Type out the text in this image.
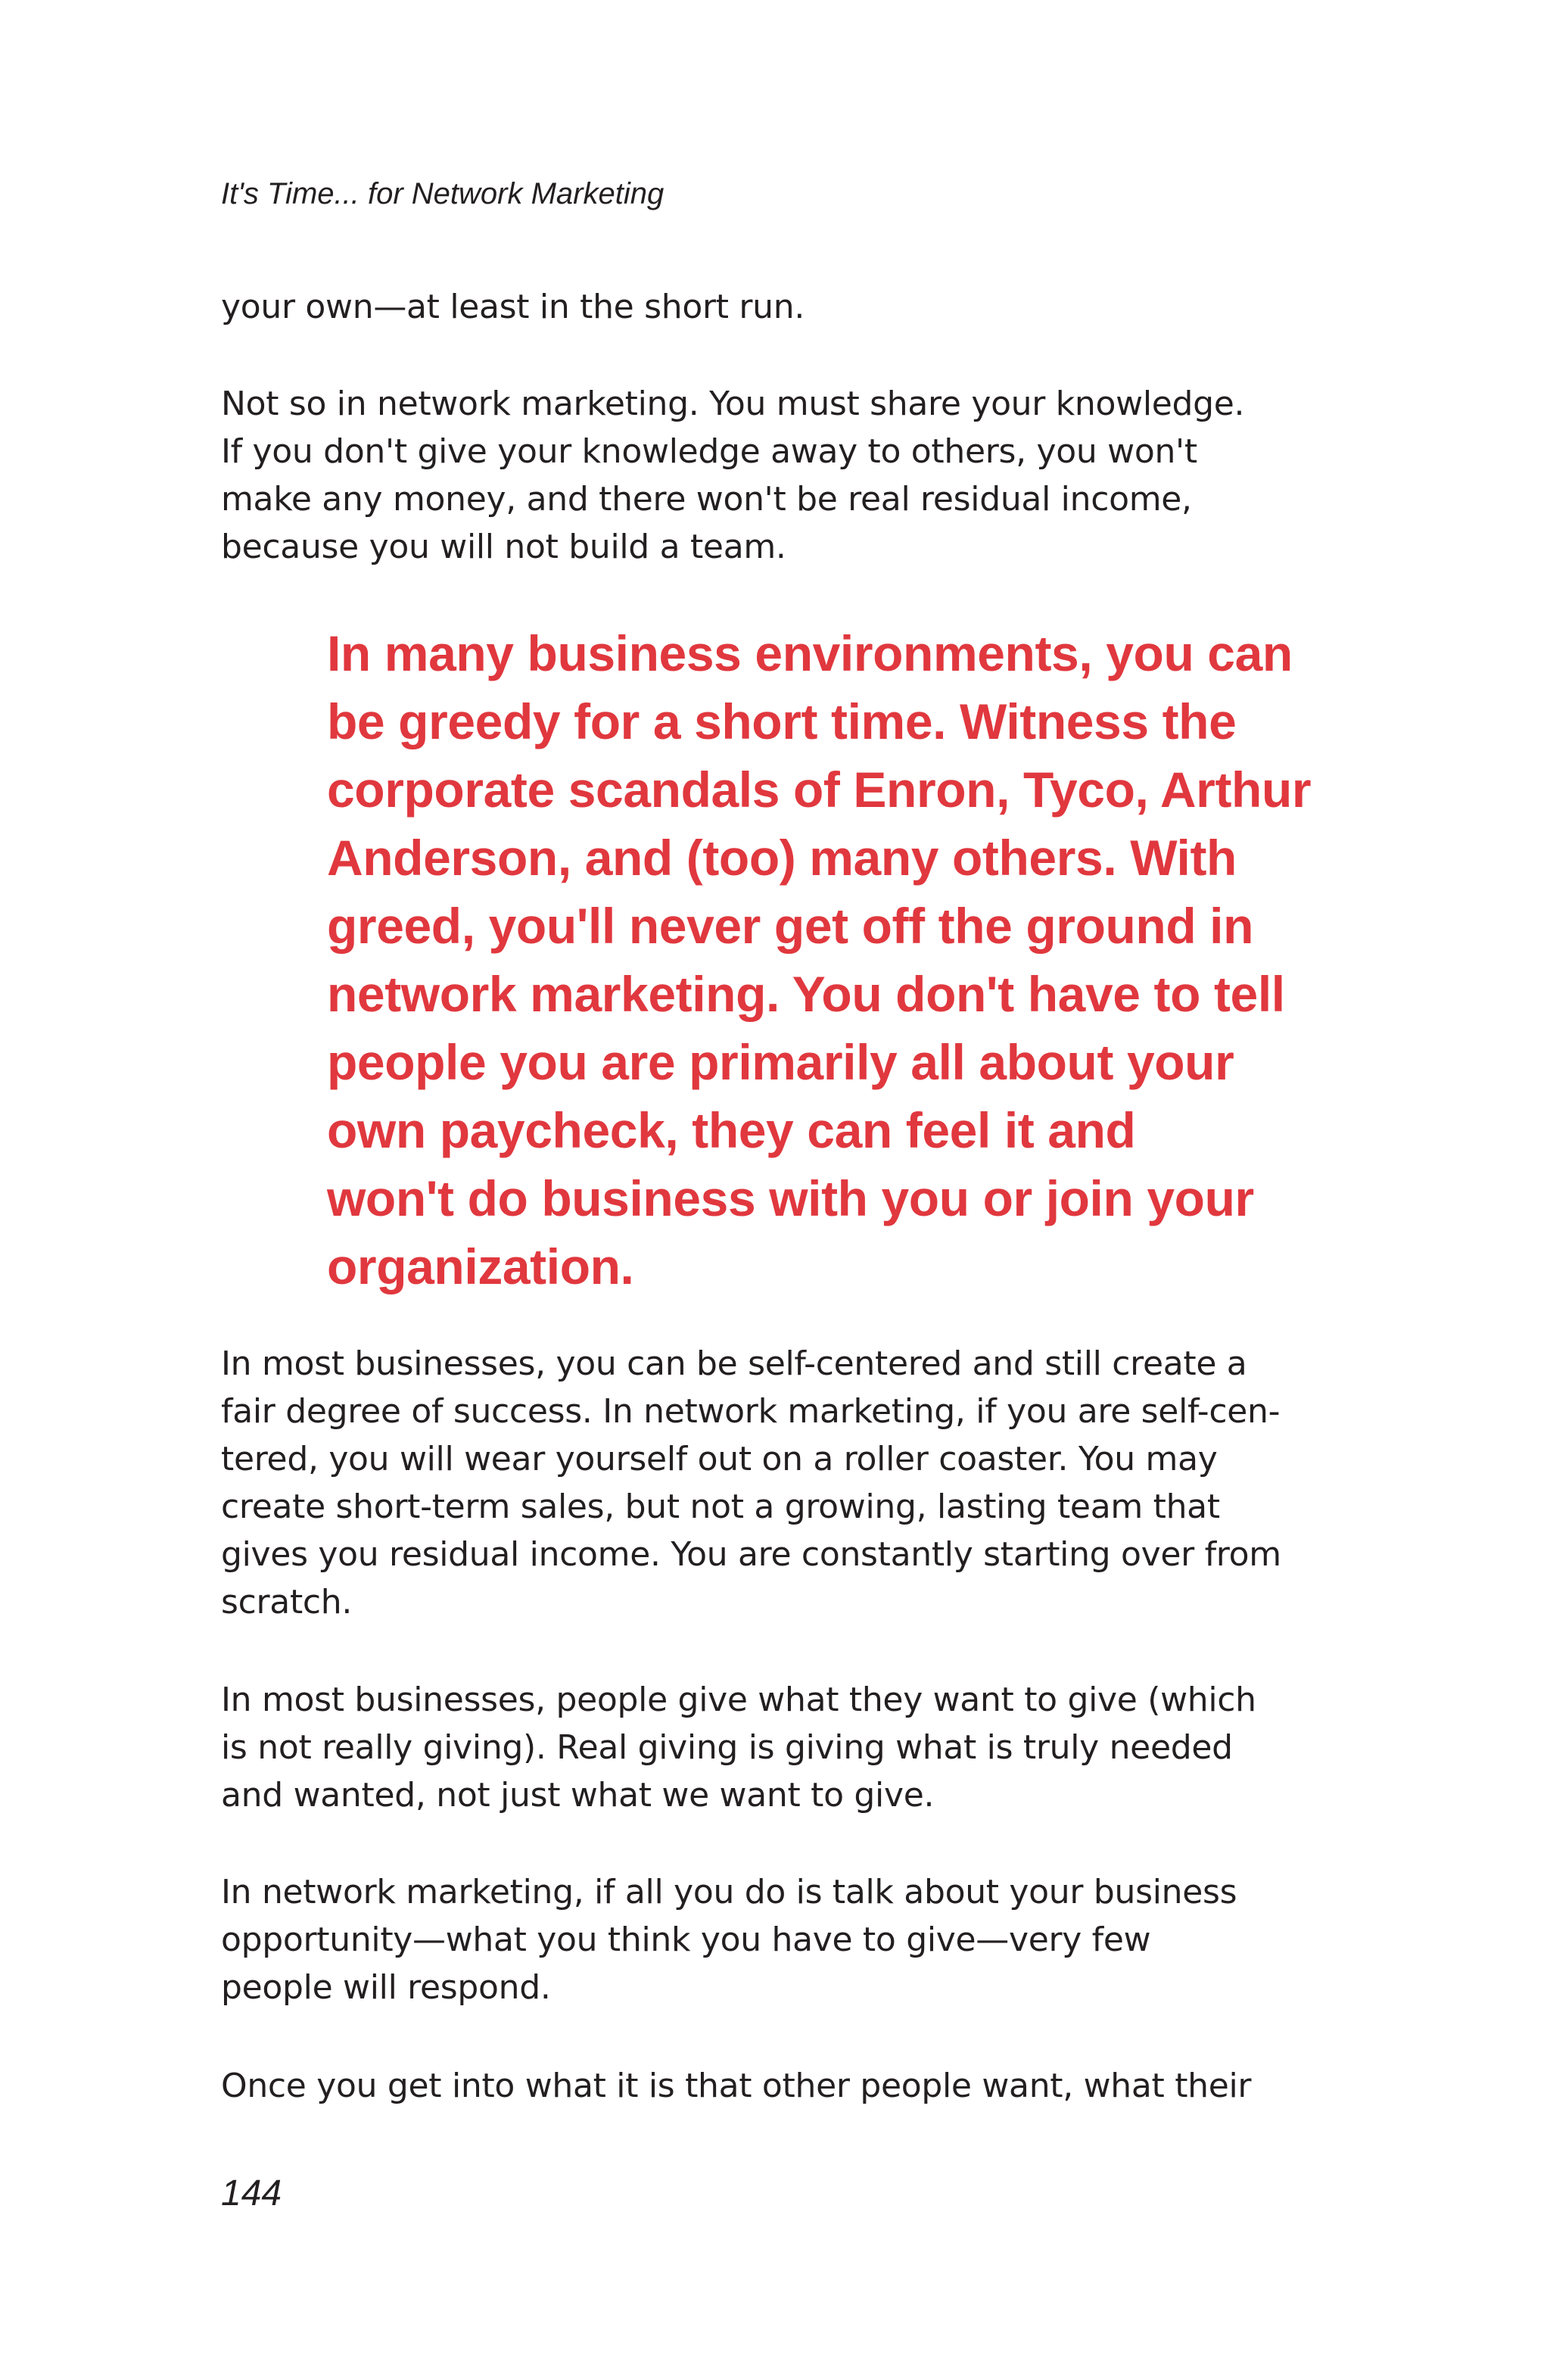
It's Time... for Network Marketing

your own—at least in the short run.

Not so in network marketing. You must share your knowledge.
If you don't give your knowledge away to others, you won't
make any money, and there won't be real residual income,
because you will not build a team.

In many business environments, you can
be greedy for a short time. Witness the
corporate scandals of Enron, Tyco, Arthur
Anderson, and (too) many others. With
greed, you'll never get off the ground in
network marketing. You don't have to tell
people you are primarily all about your
own paycheck, they can feel it and
won't do business with you or join your
organization.

In most businesses, you can be self-centered and still create a
fair degree of success. In network marketing, if you are self-cen-
tered, you will wear yourself out on a roller coaster. You may
create short-term sales, but not a growing, lasting team that
gives you residual income. You are constantly starting over from
scratch.

In most businesses, people give what they want to give (which
is not really giving). Real giving is giving what is truly needed
and wanted, not just what we want to give.

In network marketing, if all you do is talk about your business
opportunity—what you think you have to give—very few
people will respond.

Once you get into what it is that other people want, what their

144
